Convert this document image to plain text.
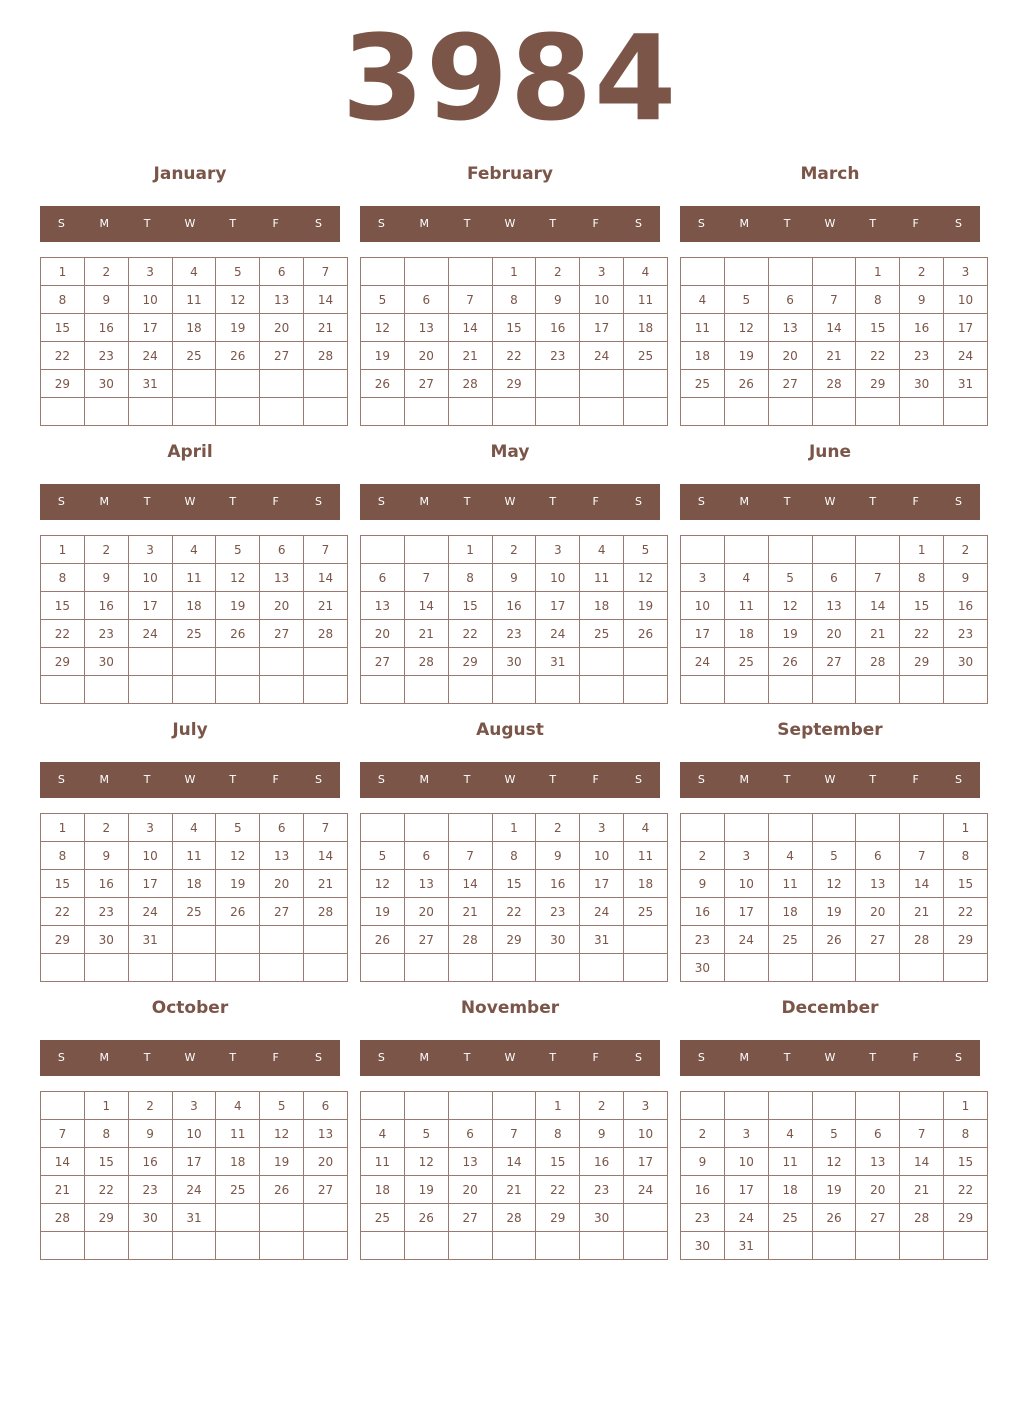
3984
January
S	M	T	W	T	F	S
1	2	3	4	5	6	7
8	9	10	11	12	13	14
15	16	17	18	19	20	21
22	23	24	25	26	27	28
29	30	31				

February
S	M	T	W	T	F	S
			1	2	3	4
5	6	7	8	9	10	11
12	13	14	15	16	17	18
19	20	21	22	23	24	25
26	27	28	29			

March
S	M	T	W	T	F	S
				1	2	3
4	5	6	7	8	9	10
11	12	13	14	15	16	17
18	19	20	21	22	23	24
25	26	27	28	29	30	31

April
S	M	T	W	T	F	S
1	2	3	4	5	6	7
8	9	10	11	12	13	14
15	16	17	18	19	20	21
22	23	24	25	26	27	28
29	30					

May
S	M	T	W	T	F	S
		1	2	3	4	5
6	7	8	9	10	11	12
13	14	15	16	17	18	19
20	21	22	23	24	25	26
27	28	29	30	31		

June
S	M	T	W	T	F	S
					1	2
3	4	5	6	7	8	9
10	11	12	13	14	15	16
17	18	19	20	21	22	23
24	25	26	27	28	29	30

July
S	M	T	W	T	F	S
1	2	3	4	5	6	7
8	9	10	11	12	13	14
15	16	17	18	19	20	21
22	23	24	25	26	27	28
29	30	31				

August
S	M	T	W	T	F	S
			1	2	3	4
5	6	7	8	9	10	11
12	13	14	15	16	17	18
19	20	21	22	23	24	25
26	27	28	29	30	31	

September
S	M	T	W	T	F	S
						1
2	3	4	5	6	7	8
9	10	11	12	13	14	15
16	17	18	19	20	21	22
23	24	25	26	27	28	29
30						
October
S	M	T	W	T	F	S
	1	2	3	4	5	6
7	8	9	10	11	12	13
14	15	16	17	18	19	20
21	22	23	24	25	26	27
28	29	30	31			

November
S	M	T	W	T	F	S
				1	2	3
4	5	6	7	8	9	10
11	12	13	14	15	16	17
18	19	20	21	22	23	24
25	26	27	28	29	30	

December
S	M	T	W	T	F	S
						1
2	3	4	5	6	7	8
9	10	11	12	13	14	15
16	17	18	19	20	21	22
23	24	25	26	27	28	29
30	31					
